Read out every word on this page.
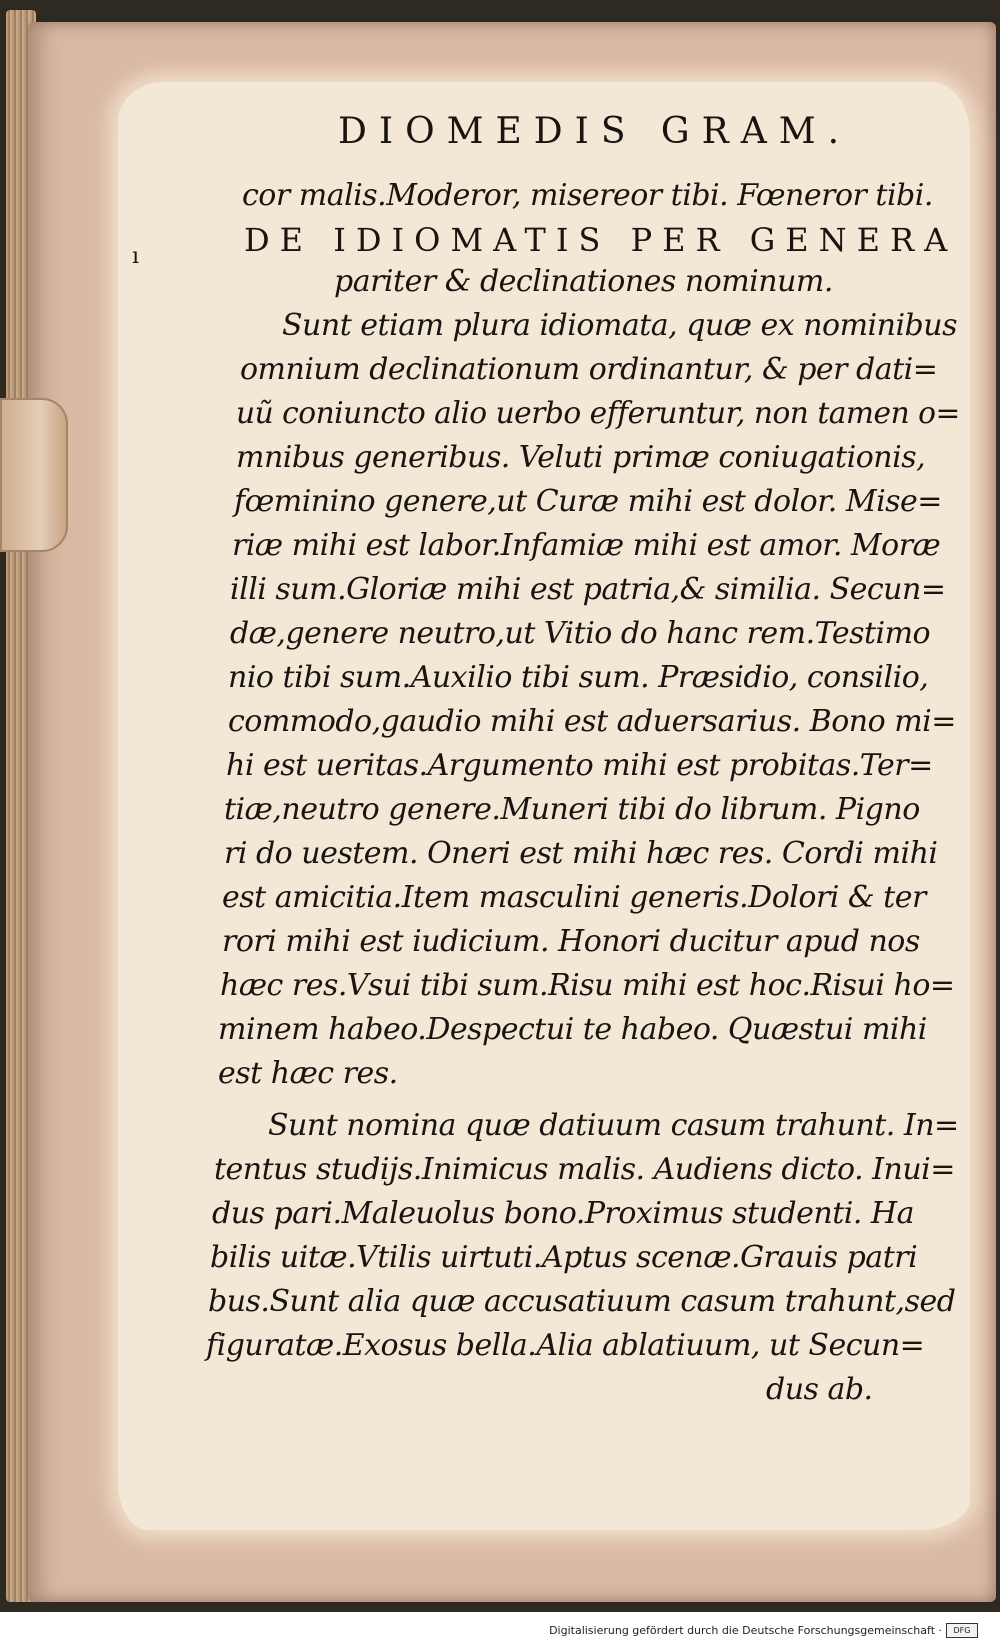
DIOMEDIS GRAM.

ı

cor malis.Moderor, misereor tibi. Fœneror tibi.

DE IDIOMATIS PER GENERA

pariter & declinationes nominum.

Sunt etiam plura idiomata, quæ ex nominibus

omnium declinationum ordinantur, & per dati=

uũ coniuncto alio uerbo efferuntur, non tamen o=

mnibus generibus. Veluti primæ coniugationis,

fœminino genere,ut Curæ mihi est dolor. Mise=

riæ mihi est labor.Infamiæ mihi est amor. Moræ

illi sum.Gloriæ mihi est patria,& similia. Secun=

dæ,genere neutro,ut Vitio do hanc rem.Testimo

nio tibi sum.Auxilio tibi sum. Præsidio, consilio,

commodo,gaudio mihi est aduersarius. Bono mi=

hi est ueritas.Argumento mihi est probitas.Ter=

tiæ,neutro genere.Muneri tibi do librum. Pigno

ri do uestem. Oneri est mihi hæc res. Cordi mihi

est amicitia.Item masculini generis.Dolori & ter

rori mihi est iudicium. Honori ducitur apud nos

hæc res.Vsui tibi sum.Risu mihi est hoc.Risui ho=

minem habeo.Despectui te habeo. Quæstui mihi

est hæc res.

Sunt nomina quæ datiuum casum trahunt. In=

tentus studijs.Inimicus malis. Audiens dicto. Inui=

dus pari.Maleuolus bono.Proximus studenti. Ha

bilis uitæ.Vtilis uirtuti.Aptus scenæ.Grauis patri

bus.Sunt alia quæ accusatiuum casum trahunt,sed

figuratæ.Exosus bella.Alia ablatiuum, ut Secun=

dus ab.

Digitalisierung gefördert durch die Deutsche Forschungsgemeinschaft ·	DFG
